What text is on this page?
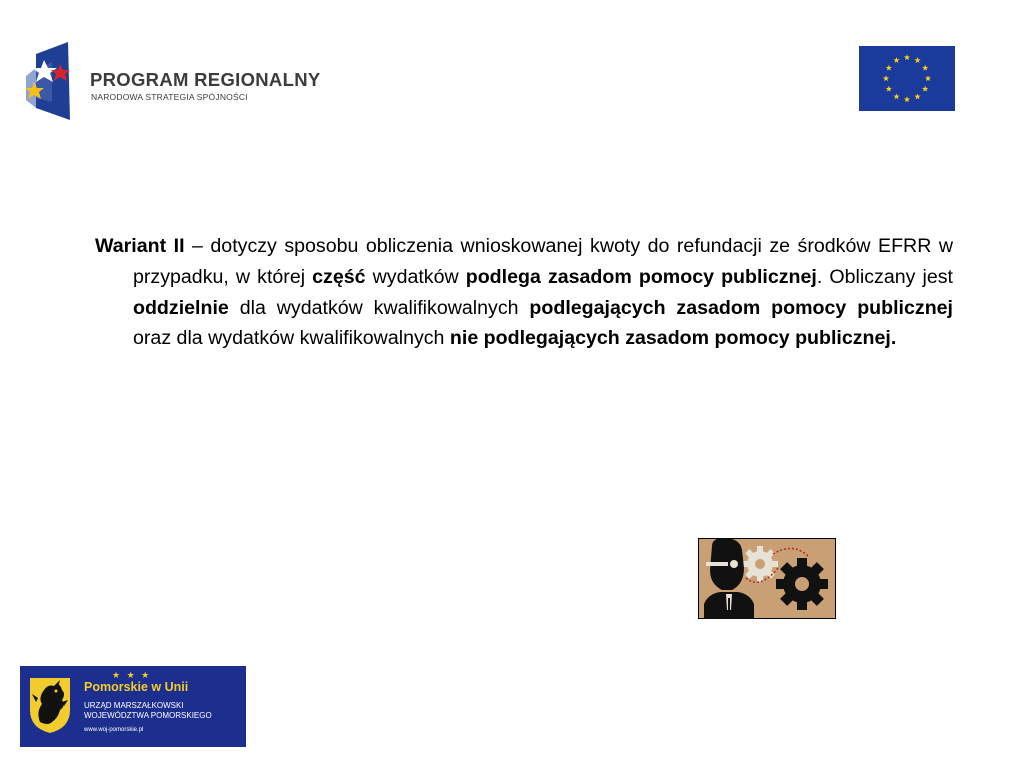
PROGRAM REGIONALNY
NARODOWA STRATEGIA SPÓJNOŚCI
Wariant II – dotyczy sposobu obliczenia wnioskowanej kwoty do refundacji ze środków EFRR w przypadku, w której część wydatków podlega zasadom pomocy publicznej. Obliczany jest oddzielnie dla wydatków kwalifikowalnych podlegających zasadom pomocy publicznej oraz dla wydatków kwalifikowalnych nie podlegających zasadom pomocy publicznej.
★ ★ ★
Pomorskie w Unii
URZĄD MARSZAŁKOWSKI
WOJEWÓDZTWA POMORSKIEGO
www.woj-pomorskie.pl
